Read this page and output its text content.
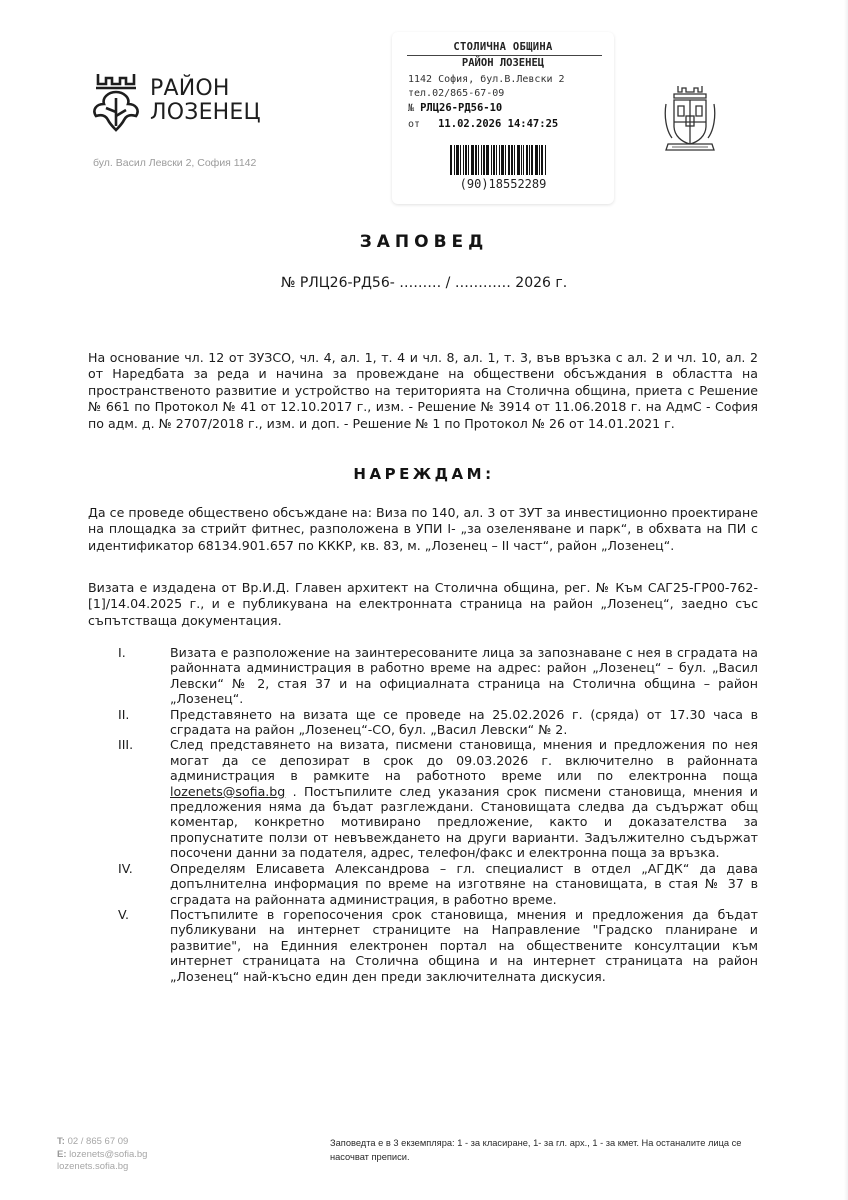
РАЙОН
ЛОЗЕНЕЦ
бул. Васил Левски 2, София 1142
СТОЛИЧНА ОБЩИНА
РАЙОН ЛОЗЕНЕЦ
1142 София, бул.В.Левски 2
тел.02/865-67-09
№ РЛЦ26-РД56-10
от 11.02.2026 14:47:25
(90)18552289
ЗАПОВЕД
№ РЛЦ26-РД56- ……… / ………… 2026 г.
На основание чл. 12 от ЗУЗСО, чл. 4, ал. 1, т. 4 и чл. 8, ал. 1, т. 3, във връзка с ал. 2 и чл. 10, ал. 2 от Наредбата за реда и начина за провеждане на обществени обсъждания в областта на пространственото развитие и устройство на територията на Столична община, приета с Решение № 661 по Протокол № 41 от 12.10.2017 г., изм. - Решение № 3914 от 11.06.2018 г. на АдмС - София по адм. д. № 2707/2018 г., изм. и доп. - Решение № 1 по Протокол № 26 от 14.01.2021 г.
НАРЕЖДАМ:
Да се проведе обществено обсъждане на: Виза по 140, ал. 3 от ЗУТ за инвестиционно проектиране на площадка за стрийт фитнес, разположена в УПИ I- „за озеленяване и парк“, в обхвата на ПИ с идентификатор 68134.901.657 по КККР, кв. 83, м. „Лозенец – II част“, район „Лозенец“.
Визата е издадена от Вр.И.Д. Главен архитект на Столична община, рег. № Към САГ25-ГР00-762-[1]/14.04.2025 г., и е публикувана на електронната страница на район „Лозенец“, заедно със съпътстваща документация.
I.	Визата е разположение на заинтересованите лица за запознаване с нея в сградата на районната администрация в работно време на адрес: район „Лозенец“ – бул. „Васил Левски“ № 2, стая 37 и на официалната страница на Столична община – район „Лозенец“.
II.	Представянето на визата ще се проведе на 25.02.2026 г. (сряда) от 17.30 часа в сградата на район „Лозенец“-СО, бул. „Васил Левски“ № 2.
III.	След представянето на визата, писмени становища, мнения и предложения по нея могат да се депозират в срок до 09.03.2026 г. включително в районната администрация в рамките на работното време или по електронна поща lozenets@sofia.bg . Постъпилите след указания срок писмени становища, мнения и предложения няма да бъдат разглеждани. Становищата следва да съдържат общ коментар, конкретно мотивирано предложение, както и доказателства за пропуснатите ползи от невъвеждането на други варианти. Задължително съдържат посочени данни за подателя, адрес, телефон/факс и електронна поща за връзка.
IV.	Определям Елисавета Александрова – гл. специалист в отдел „АГДК“ да дава допълнителна информация по време на изготвяне на становищата, в стая № 37 в сградата на районната администрация, в работно време.
V.	Постъпилите в горепосочения срок становища, мнения и предложения да бъдат публикувани на интернет страниците на Направление "Градско планиране и развитие", на Единния електронен портал на обществените консултации към интернет страницата на Столична община и на интернет страницата на район „Лозенец“ най-късно един ден преди заключителната дискусия.
T: 02 / 865 67 09
E: lozenets@sofia.bg
lozenets.sofia.bg
Заповедта е в 3 екземпляра: 1 - за класиране, 1- за гл. арх., 1 - за кмет. На останалите лица се насочват преписи.
